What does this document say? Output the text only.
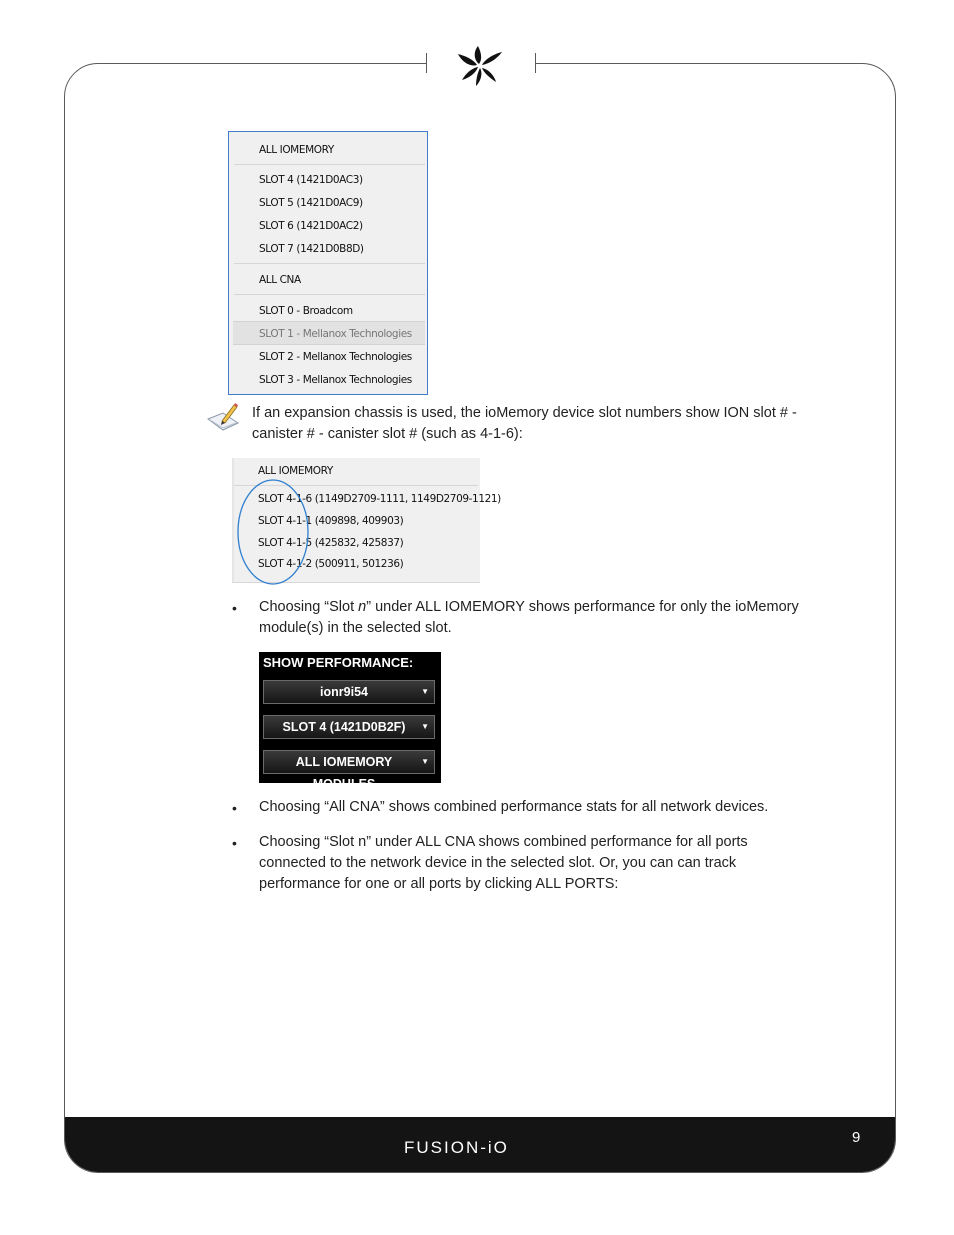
ALL IOMEMORY
SLOT 4 (1421D0AC3)
SLOT 5 (1421D0AC9)
SLOT 6 (1421D0AC2)
SLOT 7 (1421D0B8D)
ALL CNA
SLOT 0 - Broadcom
SLOT 1 - Mellanox Technologies
SLOT 2 - Mellanox Technologies
SLOT 3 - Mellanox Technologies
If an expansion chassis is used, the ioMemory device slot numbers show ION slot # -
canister # - canister slot # (such as 4-1-6):
ALL IOMEMORY
SLOT 4-1-6 (1149D2709-1111, 1149D2709-1121)
SLOT 4-1-1 (409898, 409903)
SLOT 4-1-5 (425832, 425837)
SLOT 4-1-2 (500911, 501236)
• Choosing “Slot n” under ALL IOMEMORY shows performance for only the ioMemory
module(s) in the selected slot.
SHOW PERFORMANCE:
ionr9i54	▼
SLOT 4 (1421D0B2F) ▼
ALL IOMEMORY MODULES
▼
• Choosing “All CNA” shows combined performance stats for all network devices.
• Choosing “Slot n” under ALL CNA shows combined performance for all ports
connected to the network device in the selected slot. Or, you can can track
performance for one or all ports by clicking ALL PORTS:
FUSION-iO
9
